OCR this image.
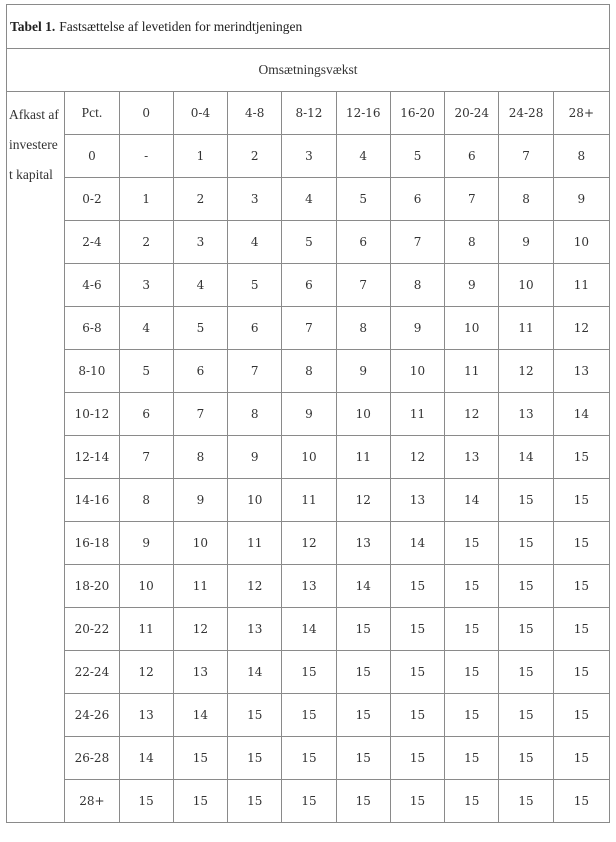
Tabel 1. Fastsættelse af levetiden for merindtjeningen
Omsætningsvækst										

Afkast af
investere
t kapital	Pct.	0	0-4	4-8	8-12	12-16	16-20	20-24	24-28	28+
	0	-	1	2	3	4	5	6	7	8
	0-2	1	2	3	4	5	6	7	8	9
	2-4	2	3	4	5	6	7	8	9	10
	4-6	3	4	5	6	7	8	9	10	11
	6-8	4	5	6	7	8	9	10	11	12
	8-10	5	6	7	8	9	10	11	12	13
	10-12	6	7	8	9	10	11	12	13	14
	12-14	7	8	9	10	11	12	13	14	15
	14-16	8	9	10	11	12	13	14	15	15
	16-18	9	10	11	12	13	14	15	15	15
	18-20	10	11	12	13	14	15	15	15	15
	20-22	11	12	13	14	15	15	15	15	15
	22-24	12	13	14	15	15	15	15	15	15
	24-26	13	14	15	15	15	15	15	15	15
	26-28	14	15	15	15	15	15	15	15	15
	28+	15	15	15	15	15	15	15	15	15
